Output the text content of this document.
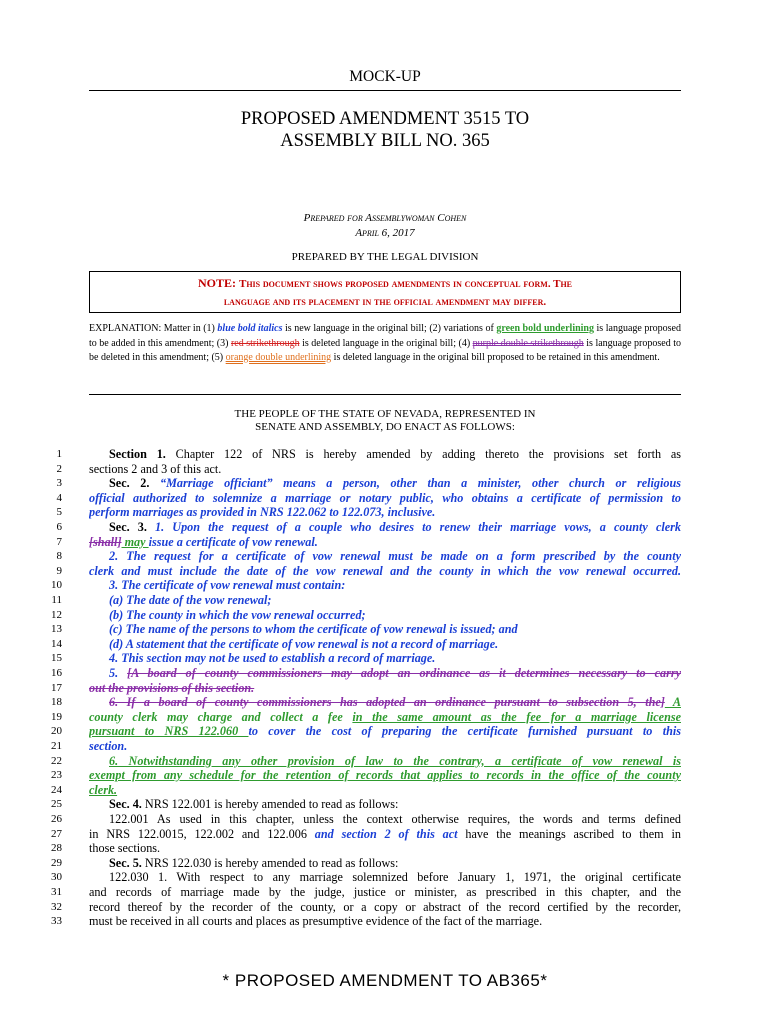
MOCK-UP
PROPOSED AMENDMENT 3515 TO
ASSEMBLY BILL NO. 365
Prepared for Assemblywoman Cohen
April 6, 2017
PREPARED BY THE LEGAL DIVISION
NOTE: This document shows proposed amendments in conceptual form. The
language and its placement in the official amendment may differ.
EXPLANATION: Matter in (1) blue bold italics is new language in the original bill; (2) variations of green bold underlining is language proposed to be added in this amendment; (3) red strikethrough is deleted language in the original bill; (4) purple double strikethrough is language proposed to be deleted in this amendment; (5) orange double underlining is deleted language in the original bill proposed to be retained in this amendment.
THE PEOPLE OF THE STATE OF NEVADA, REPRESENTED IN
SENATE AND ASSEMBLY, DO ENACT AS FOLLOWS:
1	Section 1. Chapter 122 of NRS is hereby amended by adding thereto the provisions set forth as
2 sections 2 and 3 of this act.
3	Sec. 2. “Marriage officiant” means a person, other than a minister, other church or religious
4 official authorized to solemnize a marriage or notary public, who obtains a certificate of permission to
5 perform marriages as provided in NRS 122.062 to 122.073, inclusive.
6	Sec. 3. 1. Upon the request of a couple who desires to renew their marriage vows, a county clerk
7 [shall] may issue a certificate of vow renewal.
8	2. The request for a certificate of vow renewal must be made on a form prescribed by the county
9 clerk and must include the date of the vow renewal and the county in which the vow renewal occurred.
10	3. The certificate of vow renewal must contain:
11	(a) The date of the vow renewal;
12	(b) The county in which the vow renewal occurred;
13	(c) The name of the persons to whom the certificate of vow renewal is issued; and
14	(d) A statement that the certificate of vow renewal is not a record of marriage.
15	4. This section may not be used to establish a record of marriage.
16	5. [A board of county commissioners may adopt an ordinance as it determines necessary to carry
17 out the provisions of this section.
18	6. If a board of county commissioners has adopted an ordinance pursuant to subsection 5, the] A
19 county clerk may charge and collect a fee in the same amount as the fee for a marriage license
20 pursuant to NRS 122.060 to cover the cost of preparing the certificate furnished pursuant to this
21 section.
22	6. Notwithstanding any other provision of law to the contrary, a certificate of vow renewal is
23 exempt from any schedule for the retention of records that applies to records in the office of the county
24 clerk.
25	Sec. 4. NRS 122.001 is hereby amended to read as follows:
26	122.001 As used in this chapter, unless the context otherwise requires, the words and terms defined
27 in NRS 122.0015, 122.002 and 122.006 and section 2 of this act have the meanings ascribed to them in
28 those sections.
29	Sec. 5. NRS 122.030 is hereby amended to read as follows:
30	122.030 1. With respect to any marriage solemnized before January 1, 1971, the original certificate
31 and records of marriage made by the judge, justice or minister, as prescribed in this chapter, and the
32 record thereof by the recorder of the county, or a copy or abstract of the record certified by the recorder,
33 must be received in all courts and places as presumptive evidence of the fact of the marriage.
* PROPOSED AMENDMENT TO AB365*
